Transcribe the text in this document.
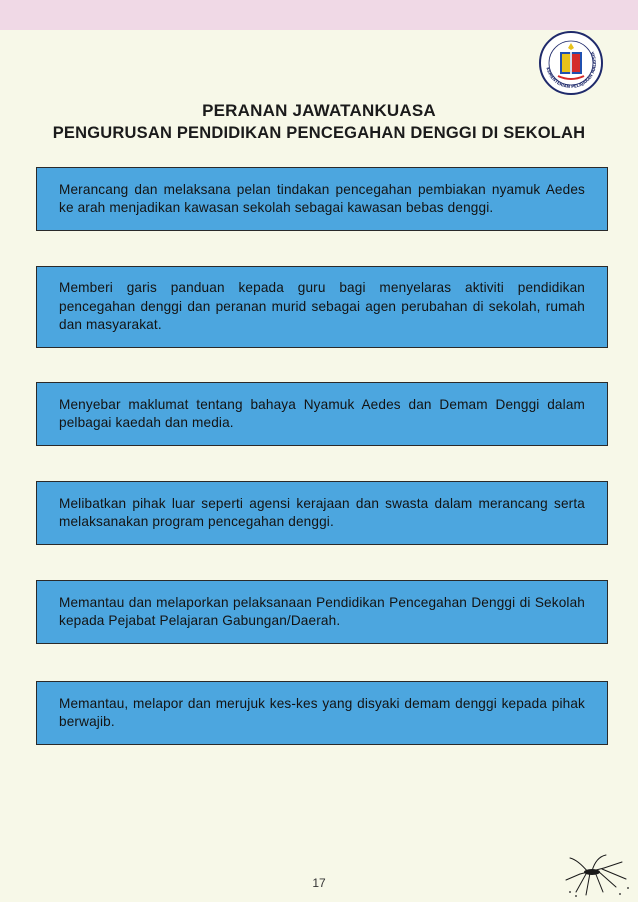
KEMENTERIAN PELAJARAN MALAYSIA
PERANAN JAWATANKUASA
PENGURUSAN PENDIDIKAN PENCEGAHAN DENGGI DI SEKOLAH

Merancang dan melaksana pelan tindakan pencegahan pembiakan nyamuk Aedes ke arah menjadikan kawasan sekolah sebagai kawasan bebas denggi.

Memberi garis panduan kepada guru bagi menyelaras aktiviti pendidikan pencegahan denggi dan peranan murid sebagai agen perubahan di sekolah, rumah dan masyarakat.

Menyebar maklumat tentang bahaya Nyamuk Aedes dan Demam Denggi dalam pelbagai kaedah dan media.

Melibatkan pihak luar seperti agensi kerajaan dan swasta dalam merancang serta melaksanakan program pencegahan denggi.

Memantau dan melaporkan pelaksanaan Pendidikan Pencegahan Denggi di Sekolah kepada Pejabat Pelajaran Gabungan/Daerah.

Memantau, melapor dan merujuk kes-kes yang disyaki demam denggi kepada pihak berwajib.

17
